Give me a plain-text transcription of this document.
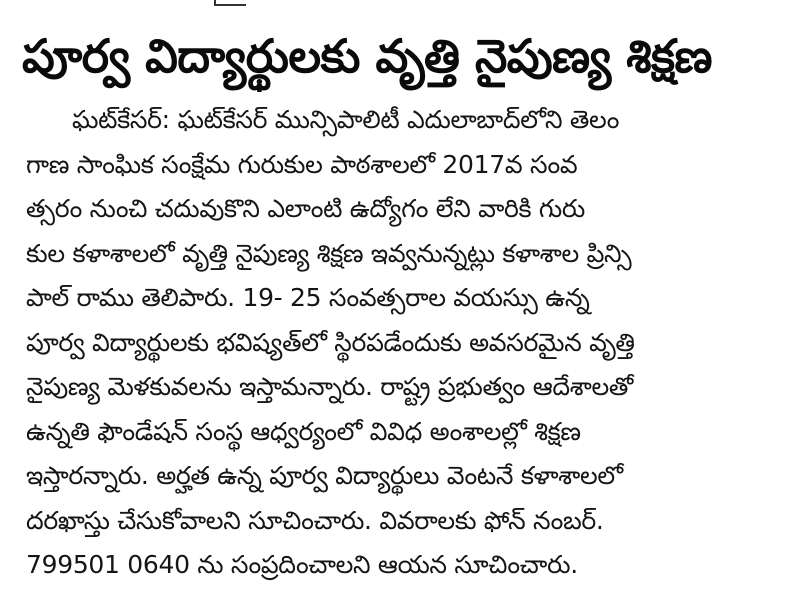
పూర్వ విద్యార్థులకు వృత్తి నైపుణ్య శిక్షణ
ఘట్‌కేసర్: ఘట్‌కేసర్ మున్సిపాలిటీ ఎదులాబాద్‌లోని తెలం
గాణ సాంఘిక సంక్షేమ గురుకుల పాఠశాలలో 2017వ సంవ
త్సరం నుంచి చదువుకొని ఎలాంటి ఉద్యోగం లేని వారికి గురు
కుల కళాశాలలో వృత్తి నైపుణ్య శిక్షణ ఇవ్వనున్నట్లు కళాశాల ప్రిన్సి
పాల్ రాము తెలిపారు. 19- 25 సంవత్సరాల వయస్సు ఉన్న
పూర్వ విద్యార్థులకు భవిష్యత్‌లో స్థిరపడేందుకు అవసరమైన వృత్తి
నైపుణ్య మెళకువలను ఇస్తామన్నారు. రాష్ట్ర ప్రభుత్వం ఆదేశాలతో
ఉన్నతి ఫౌండేషన్ సంస్థ ఆధ్వర్యంలో వివిధ అంశాలల్లో శిక్షణ
ఇస్తారన్నారు. అర్హత ఉన్న పూర్వ విద్యార్థులు వెంటనే కళాశాలలో
దరఖాస్తు చేసుకోవాలని సూచించారు. వివరాలకు ఫోన్ నంబర్.
799501 0640 ను సంప్రదించాలని ఆయన సూచించారు.
